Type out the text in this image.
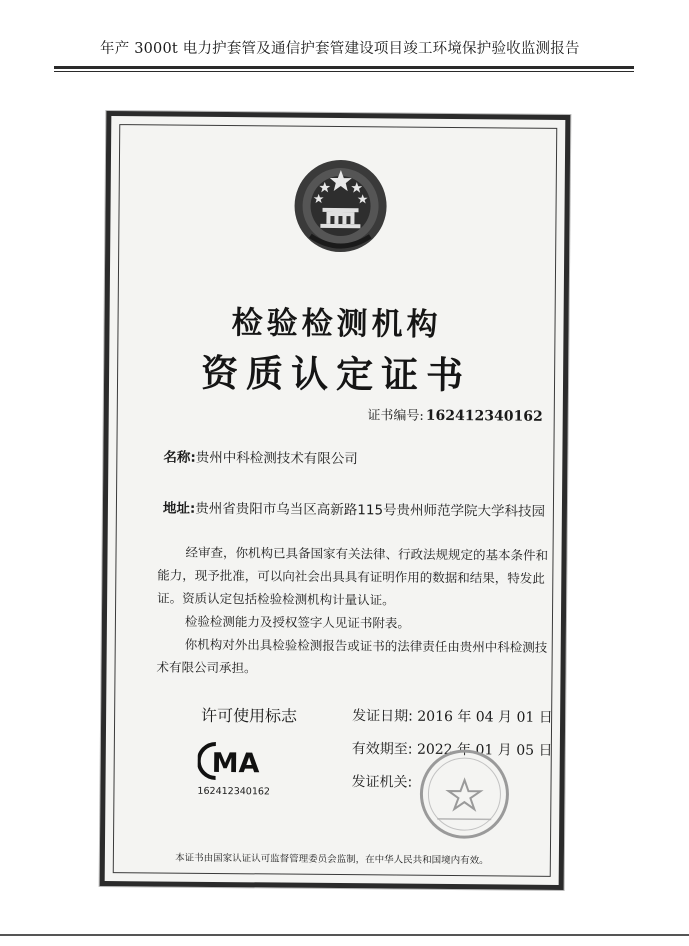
年产 3000t 电力护套管及通信护套管建设项目竣工环境保护验收监测报告
检验检测机构
资质认定证书
证书编号: 162412340162
名称:贵州中科检测技术有限公司
地址:贵州省贵阳市乌当区高新路115号贵州师范学院大学科技园

经审查，你机构已具备国家有关法律、行政法规规定的基本条件和能力，现予批准，可以向社会出具具有证明作用的数据和结果，特发此证。资质认定包括检验检测机构计量认证。

检验检测能力及授权签字人见证书附表。

你机构对外出具检验检测报告或证书的法律责任由贵州中科检测技术有限公司承担。

许可使用标志
MA
162412340162
发证日期: 2016 年 04 月 01 日
有效期至: 2022 年 01 月 05 日
发证机关:
本证书由国家认证认可监督管理委员会监制，在中华人民共和国境内有效。
